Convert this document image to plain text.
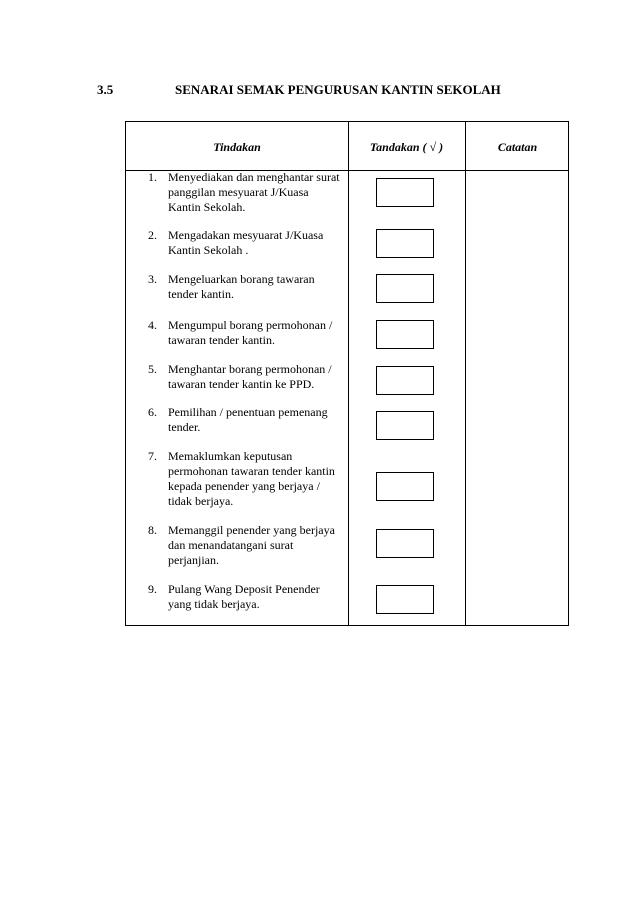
3.5	SENARAI SEMAK PENGURUSAN KANTIN SEKOLAH
Tindakan	Tandakan ( √ )	Catatan
1. Menyediakan dan menghantar surat panggilan mesyuarat J/Kuasa Kantin Sekolah.
2. Mengadakan mesyuarat J/Kuasa Kantin Sekolah .
3. Mengeluarkan borang tawaran tender kantin.
4. Mengumpul borang permohonan / tawaran tender kantin.
5. Menghantar borang permohonan / tawaran tender kantin ke PPD.
6. Pemilihan / penentuan pemenang tender.
7. Memaklumkan keputusan permohonan tawaran tender kantin kepada penender yang berjaya / tidak berjaya.
8. Memanggil penender yang berjaya dan menandatangani surat perjanjian.
9. Pulang Wang Deposit Penender yang tidak berjaya.
